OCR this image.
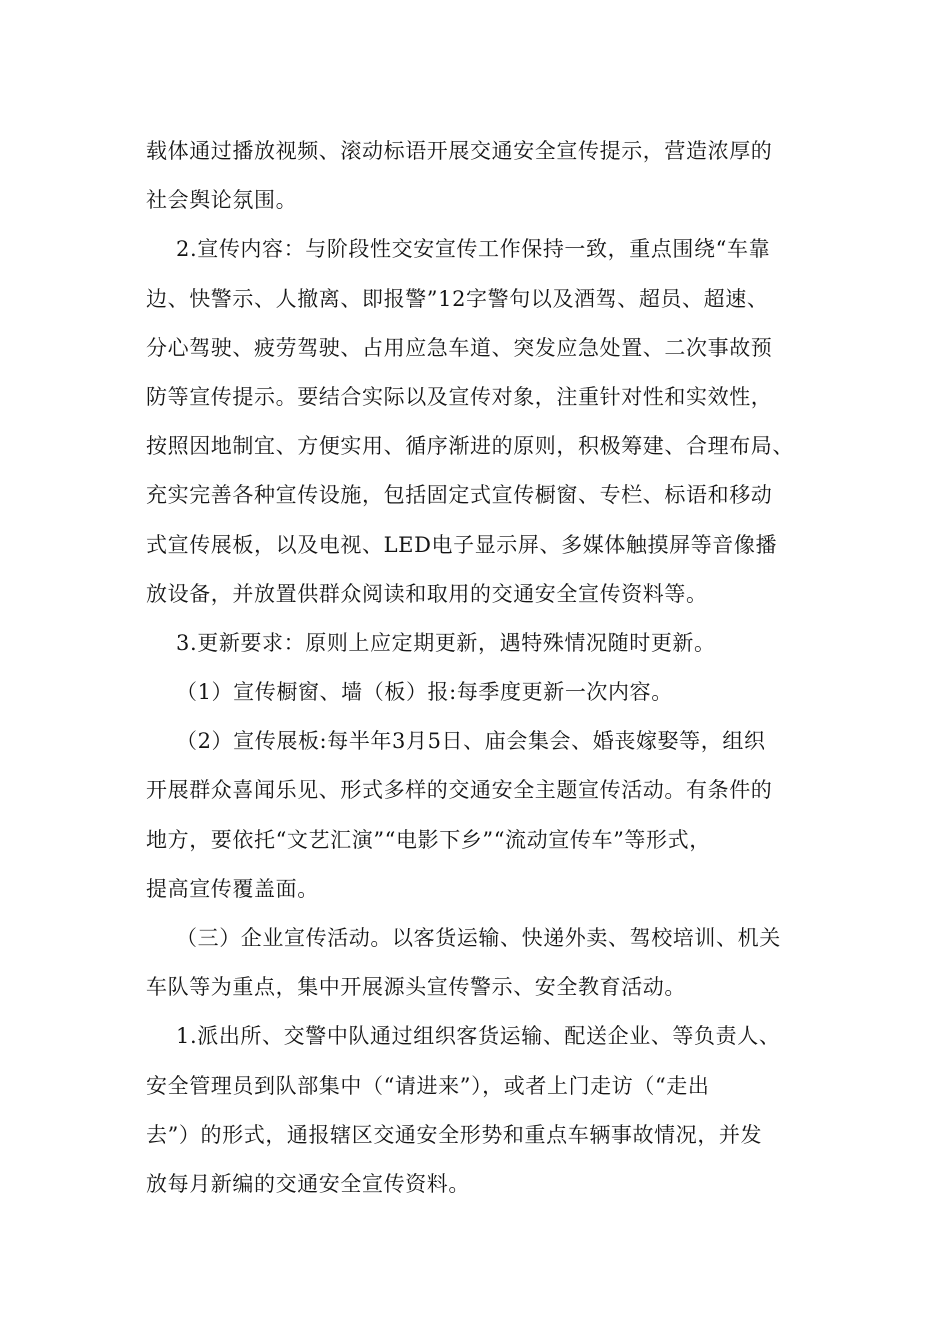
载体通过播放视频、滚动标语开展交通安全宣传提示，营造浓厚的
社会舆论氛围。
2.宣传内容：与阶段性交安宣传工作保持一致，重点围绕“车靠
边、快警示、人撤离、即报警”12字警句以及酒驾、超员、超速、
分心驾驶、疲劳驾驶、占用应急车道、突发应急处置、二次事故预
防等宣传提示。要结合实际以及宣传对象，注重针对性和实效性，
按照因地制宜、方便实用、循序渐进的原则，积极筹建、合理布局、
充实完善各种宣传设施，包括固定式宣传橱窗、专栏、标语和移动
式宣传展板，以及电视、LED电子显示屏、多媒体触摸屏等音像播
放设备，并放置供群众阅读和取用的交通安全宣传资料等。
3.更新要求：原则上应定期更新，遇特殊情况随时更新。
（1）宣传橱窗、墙（板）报:每季度更新一次内容。
（2）宣传展板:每半年3月5日、庙会集会、婚丧嫁娶等，组织
开展群众喜闻乐见、形式多样的交通安全主题宣传活动。有条件的
地方，要依托“文艺汇演”“电影下乡”“流动宣传车”等形式，
提高宣传覆盖面。
（三）企业宣传活动。以客货运输、快递外卖、驾校培训、机关
车队等为重点，集中开展源头宣传警示、安全教育活动。
1.派出所、交警中队通过组织客货运输、配送企业、等负责人、
安全管理员到队部集中（“请进来”），或者上门走访（“走出
去”）的形式，通报辖区交通安全形势和重点车辆事故情况，并发
放每月新编的交通安全宣传资料。
